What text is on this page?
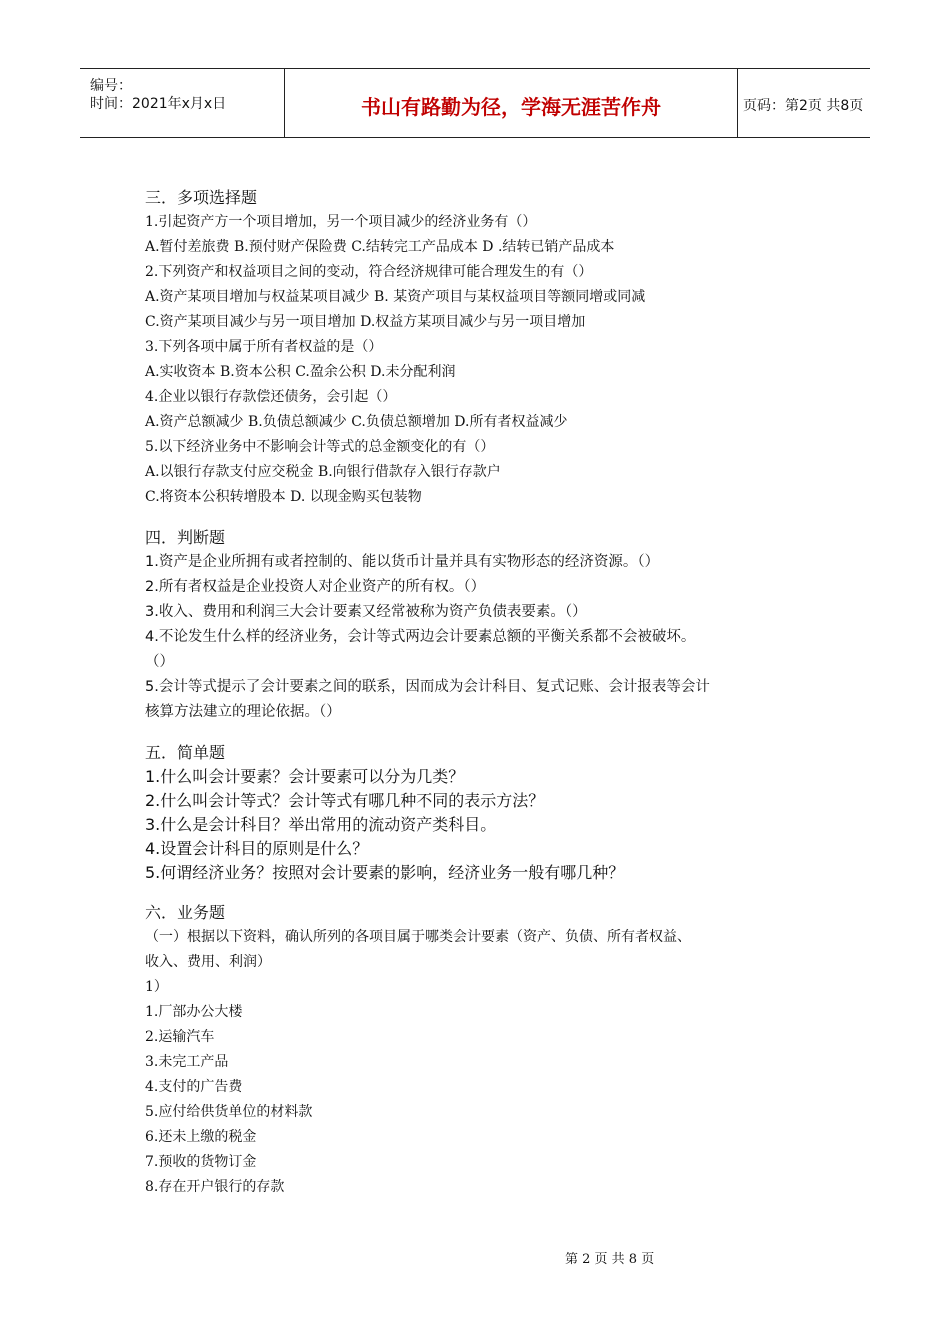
编号：
时间：2021年x月x日	书山有路勤为径，学海无涯苦作舟	页码：第2页 共8页
三．多项选择题
1.引起资产方一个项目增加，另一个项目减少的经济业务有（）
A.暂付差旅费 B.预付财产保险费 C.结转完工产品成本 D .结转已销产品成本
2.下列资产和权益项目之间的变动，符合经济规律可能合理发生的有（）
A.资产某项目增加与权益某项目减少 B. 某资产项目与某权益项目等额同增或同减
C.资产某项目减少与另一项目增加 D.权益方某项目减少与另一项目增加
3.下列各项中属于所有者权益的是（）
A.实收资本 B.资本公积 C.盈余公积 D.未分配利润
4.企业以银行存款偿还债务，会引起（）
A.资产总额减少 B.负债总额减少 C.负债总额增加 D.所有者权益减少
5.以下经济业务中不影响会计等式的总金额变化的有（）
A.以银行存款支付应交税金 B.向银行借款存入银行存款户
C.将资本公积转增股本 D. 以现金购买包装物
四．判断题
1.资产是企业所拥有或者控制的、能以货币计量并具有实物形态的经济资源。（）
2.所有者权益是企业投资人对企业资产的所有权。（）
3.收入、费用和利润三大会计要素又经常被称为资产负债表要素。（）
4.不论发生什么样的经济业务，会计等式两边会计要素总额的平衡关系都不会被破坏。
（）
5.会计等式提示了会计要素之间的联系，因而成为会计科目、复式记账、会计报表等会计
核算方法建立的理论依据。（）
五．简单题
1.什么叫会计要素？会计要素可以分为几类？
2.什么叫会计等式？会计等式有哪几种不同的表示方法？
3.什么是会计科目？举出常用的流动资产类科目。
4.设置会计科目的原则是什么？
5.何谓经济业务？按照对会计要素的影响，经济业务一般有哪几种？
六．业务题
（一）根据以下资料，确认所列的各项目属于哪类会计要素（资产、负债、所有者权益、
收入、费用、利润）
1）
1.厂部办公大楼
2.运输汽车
3.未完工产品
4.支付的广告费
5.应付给供货单位的材料款
6.还未上缴的税金
7.预收的货物订金
8.存在开户银行的存款
第 2 页 共 8 页
